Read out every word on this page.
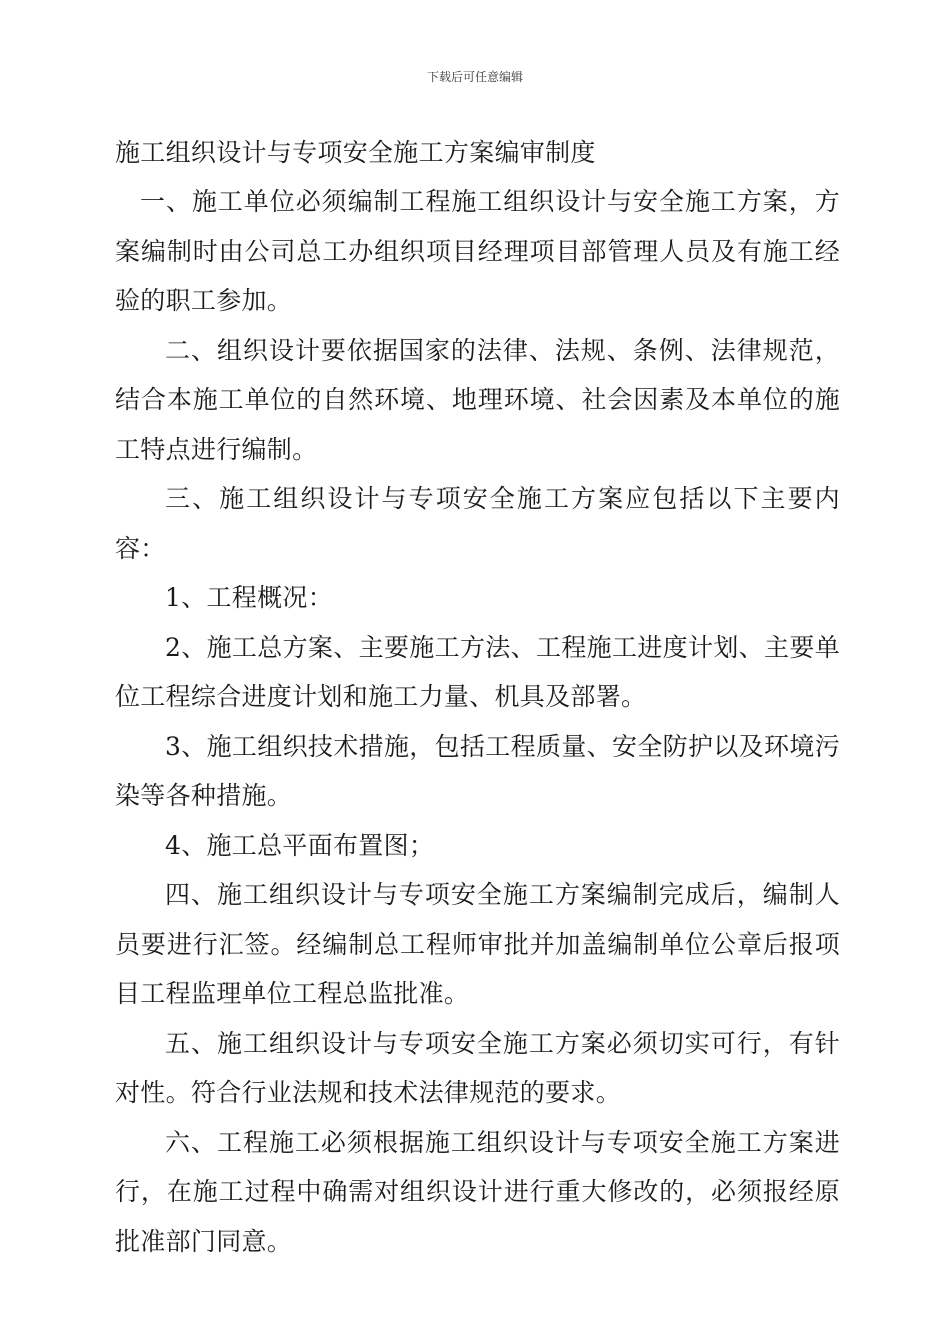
下载后可任意编辑

施工组织设计与专项安全施工方案编审制度

一、施工单位必须编制工程施工组织设计与安全施工方案，方案编制时由公司总工办组织项目经理项目部管理人员及有施工经验的职工参加。

二、组织设计要依据国家的法律、法规、条例、法律规范，结合本施工单位的自然环境、地理环境、社会因素及本单位的施工特点进行编制。

三、施工组织设计与专项安全施工方案应包括以下主要内容：

1、工程概况：

2、施工总方案、主要施工方法、工程施工进度计划、主要单位工程综合进度计划和施工力量、机具及部署。

3、施工组织技术措施，包括工程质量、安全防护以及环境污染等各种措施。

4、施工总平面布置图；

四、施工组织设计与专项安全施工方案编制完成后，编制人员要进行汇签。经编制总工程师审批并加盖编制单位公章后报项目工程监理单位工程总监批准。

五、施工组织设计与专项安全施工方案必须切实可行，有针对性。符合行业法规和技术法律规范的要求。

六、工程施工必须根据施工组织设计与专项安全施工方案进行，在施工过程中确需对组织设计进行重大修改的，必须报经原批准部门同意。
